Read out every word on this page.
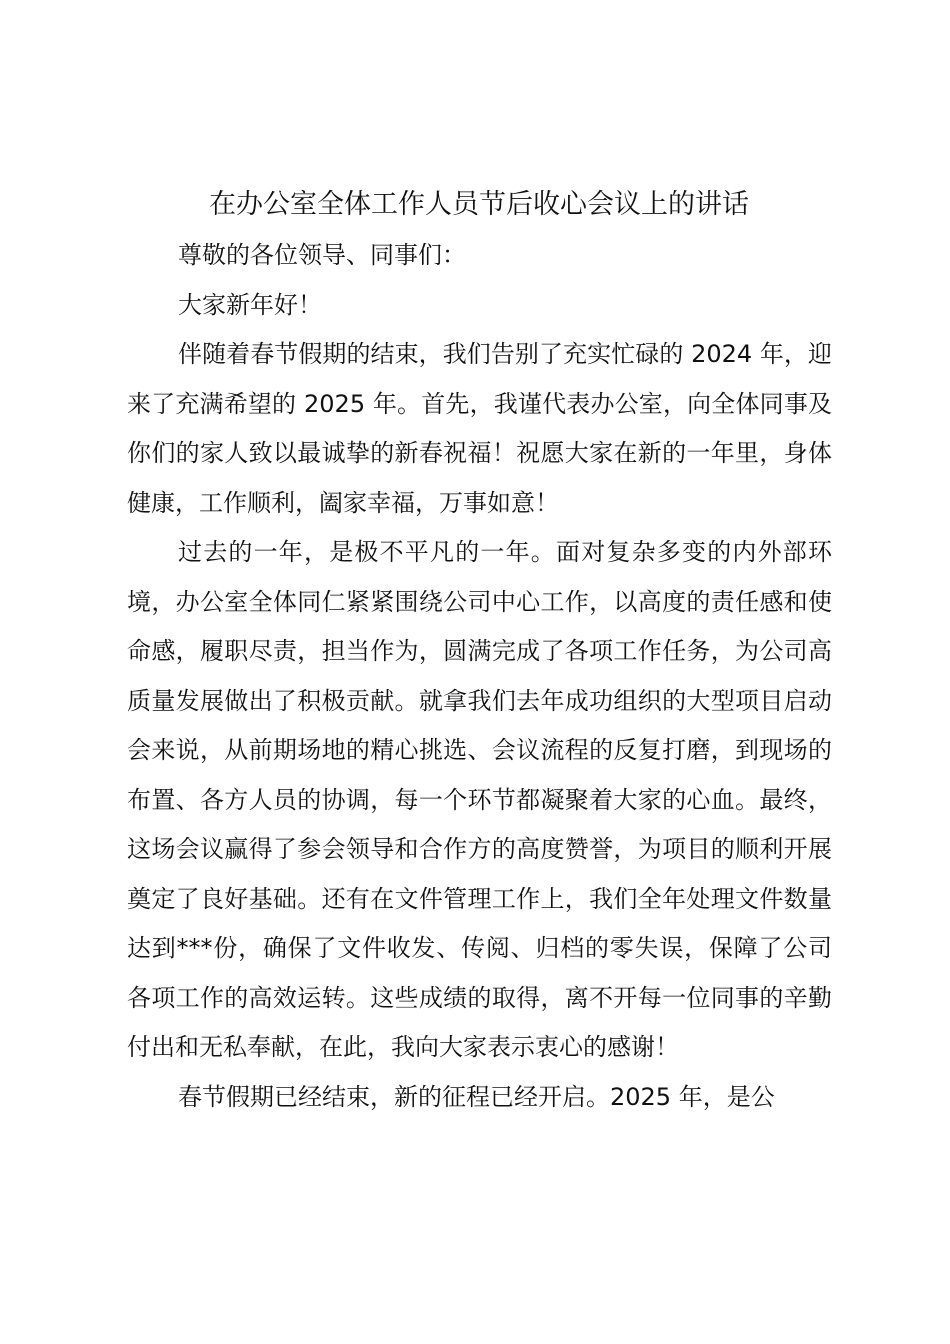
在办公室全体工作人员节后收心会议上的讲话

尊敬的各位领导、同事们：

大家新年好！

伴随着春节假期的结束，我们告别了充实忙碌的 2024 年，迎来了充满希望的 2025 年。首先，我谨代表办公室，向全体同事及你们的家人致以最诚挚的新春祝福！祝愿大家在新的一年里，身体健康，工作顺利，阖家幸福，万事如意！

过去的一年，是极不平凡的一年。面对复杂多变的内外部环境，办公室全体同仁紧紧围绕公司中心工作，以高度的责任感和使命感，履职尽责，担当作为，圆满完成了各项工作任务，为公司高质量发展做出了积极贡献。就拿我们去年成功组织的大型项目启动会来说，从前期场地的精心挑选、会议流程的反复打磨，到现场的布置、各方人员的协调，每一个环节都凝聚着大家的心血。最终，这场会议赢得了参会领导和合作方的高度赞誉，为项目的顺利开展奠定了良好基础。还有在文件管理工作上，我们全年处理文件数量达到***份，确保了文件收发、传阅、归档的零失误，保障了公司各项工作的高效运转。这些成绩的取得，离不开每一位同事的辛勤付出和无私奉献，在此，我向大家表示衷心的感谢！

春节假期已经结束，新的征程已经开启。2025 年，是公
